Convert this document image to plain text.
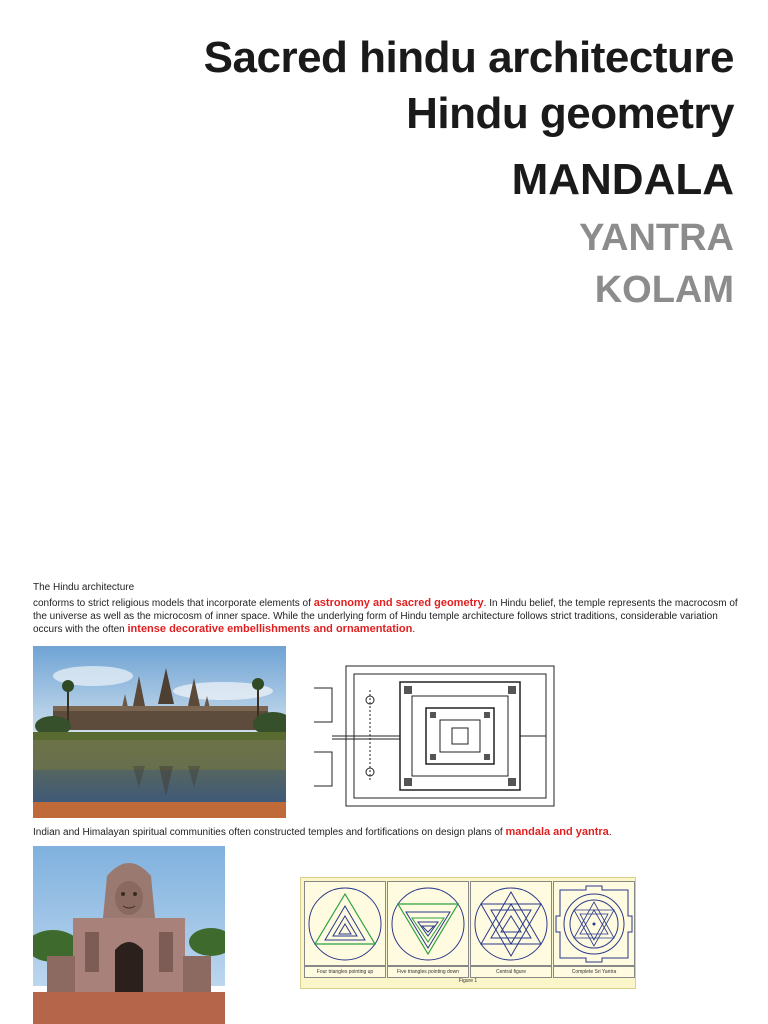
Sacred hindu architecture
Hindu geometry
MANDALA
YANTRA
KOLAM
The Hindu architecture
conforms to strict religious models that incorporate elements of astronomy and sacred geometry. In Hindu belief, the temple represents the macrocosm of the universe as well as the microcosm of inner space. While the underlying form of Hindu temple architecture follows strict traditions, considerable variation occurs with the often intense decorative embellishments and ornamentation.
Indian and Himalayan spiritual communities often constructed temples and fortifications on design plans of mandala and yantra.
Four triangles pointing up	Five triangles pointing down	Central figure	Complete Sri Yantra
Figure 1
